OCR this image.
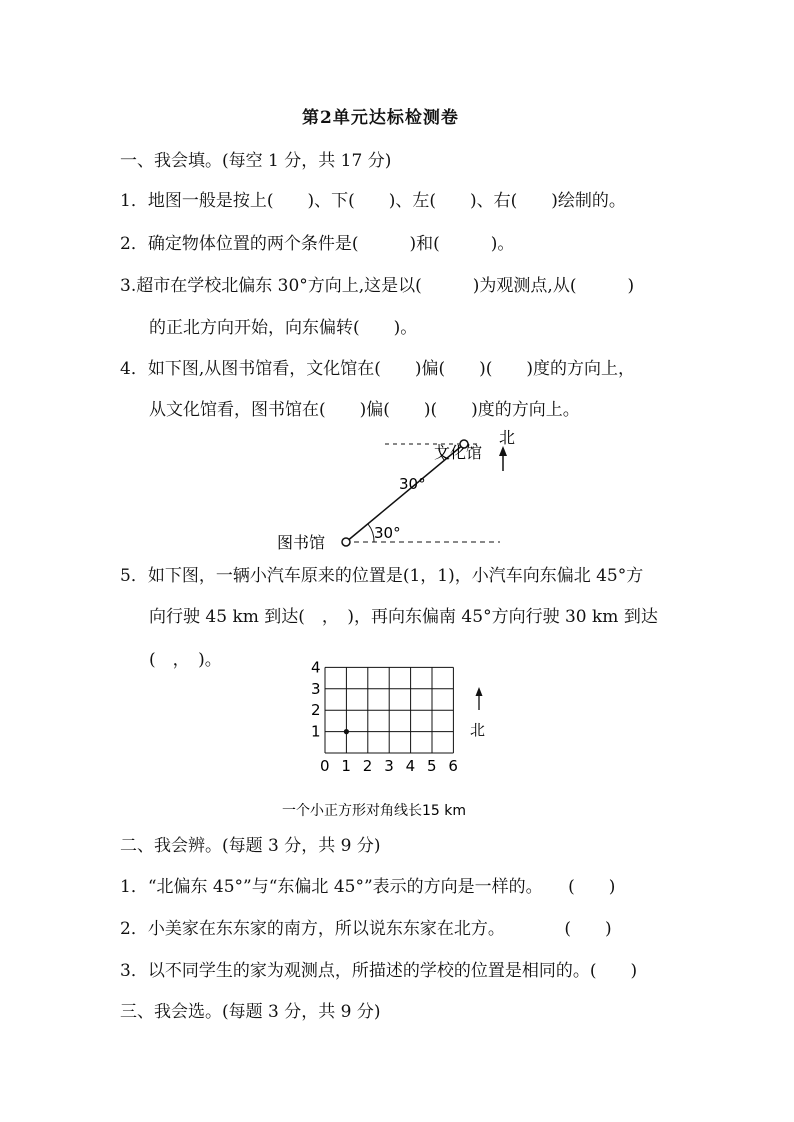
第2单元达标检测卷
一、我会填。(每空 1 分，共 17 分)
1．地图一般是按上(　　)、下(　　)、左(　　)、右(　　)绘制的。
2．确定物体位置的两个条件是(　　　)和(　　　)。
3.超市在学校北偏东 30°方向上,这是以(　　　)为观测点,从(　　　)
的正北方向开始，向东偏转(　　)。
4．如下图,从图书馆看，文化馆在(　　)偏(　　)(　　)度的方向上，
从文化馆看，图书馆在(　　)偏(　　)(　　)度的方向上。
文化馆
北
图书馆
30°
30°
5．如下图，一辆小汽车原来的位置是(1，1)，小汽车向东偏北 45°方
向行驶 45 km 到达(　，　)，再向东偏南 45°方向行驶 30 km 到达
(　，　)。
0 1 2 3 4 5 6
1
2
3
4
北
一个小正方形对角线长15 km
二、我会辨。(每题 3 分，共 9 分)
1．“北偏东 45°”与“东偏北 45°”表示的方向是一样的。　　(　　)
2．小美家在东东家的南方，所以说东东家在北方。　　　　(　　)
3．以不同学生的家为观测点，所描述的学校的位置是相同的。(　　)
三、我会选。(每题 3 分，共 9 分)
